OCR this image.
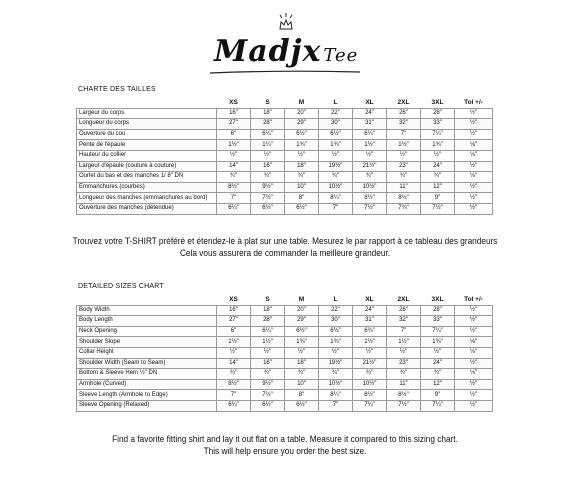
Madjx Tee
CHARTE DES TAILLES
	XS	S	M	L	XL	2XL	3XL	Tol +/-
Largeur du corps	16"	18"	20"	22"	24"	26"	28"	½"
Longueur du corps	27"	28"	29"	30"	31"	32"	33"	½"
Ouverture du cou	6"	6¼"	6½"	6½"	6¼"	7"	7¼"	½"
Pente de l'épaule	1½"	1¼"	1¾"	1¾"	1½"	1½"	1¾"	⅛"
Hauteur du collier	½"	½"	½"	½"	½"	½"	½"	⅛"
Largeur d'épaule (couture à couture)	14"	16"	18"	19½"	21½"	23"	24"	½"
Ourlet du bas et des manches 1/ 8" DN	¾"	¾"	¾"	¾"	¾"	¾"	¾"	⅛"
Emmanchures (courbes)	8½"	9½"	10"	10½"	10½"	11"	12"	½"
Longueur des manches (emmanchures au bord)	7"	7½"	8"	8¼"	8½"	8½"	9"	½"
Ouverture des manches (détendue)	6¼"	6½"	6½"	7"	7½"	7¾"	7½"	½"
Trouvez votre T-SHIRT préféré et étendez-le à plat sur une table. Mesurez le par rapport à ce tableau des grandeurs
Cela vous assurera de commander la meilleure grandeur.
DETAILED SIZES CHART
	XS	S	M	L	XL	2XL	3XL	Tol +/-
Body Width	16"	18"	20"	22"	24"	26"	28"	½"
Body Length	27"	28"	29"	30"	31"	32"	33"	½"
Neck Opening	6"	6¼"	6½"	6½"	6¾"	7"	7¼"	½"
Shoulder Slope	1½"	1½"	1¾"	1¾"	1½"	1½"	1¾"	⅛"
Collar Height	½"	½"	½"	½"	½"	½"	½"	⅛"
Shoulder Width (Seam to Seam)	14"	16"	18"	19½"	21½"	23"	24"	½"
Bottom & Sleeve Hem ½" DN	¾"	¾"	¾"	¾"	¾"	¾"	¾"	⅛"
Armhole (Curved)	8½"	9½"	10"	10½"	10½"	11"	12"	½"
Sleeve Length (Armhole to Edge)	7"	7½"	8"	8¼"	8½"	8½"	9"	½"
Sleeve Opening (Relaxed)	6¼"	6½"	6½"	7"	7¼"	7½"	7¼"	½"
Find a favorite fitting shirt and lay it out flat on a table. Measure it compared to this sizing chart.
This will help ensure you order the best size.
